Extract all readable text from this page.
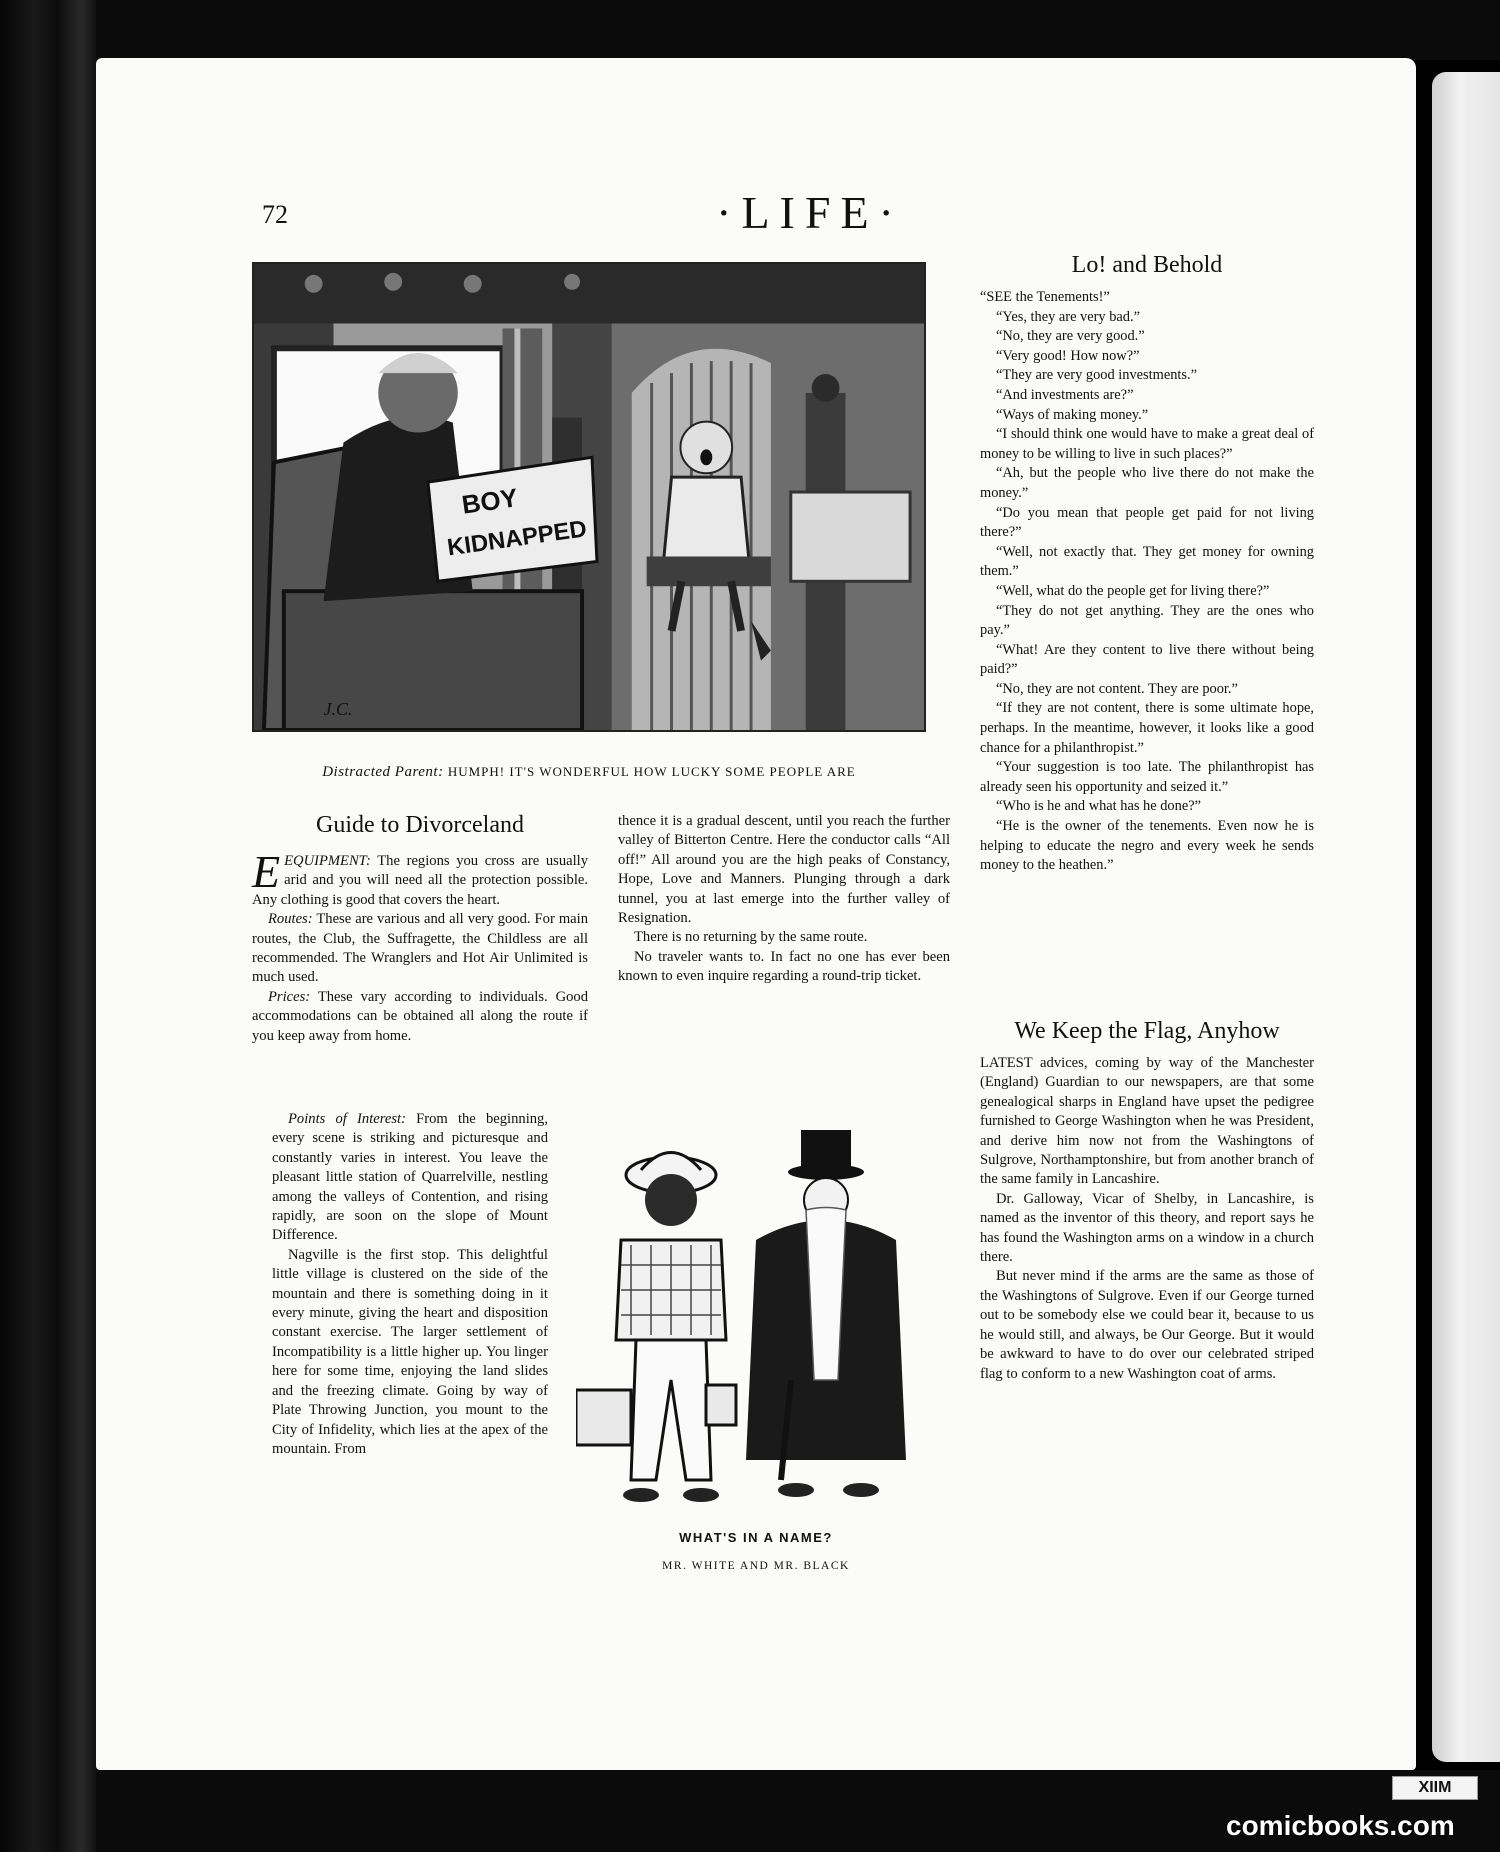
72	·LIFE·
BOY
KIDNAPPED
J.C.
Distracted Parent: HUMPH! IT'S WONDERFUL HOW LUCKY SOME PEOPLE ARE
Guide to Divorceland

EEQUIPMENT: The regions you cross are usually arid and you will need all the protection possible. Any clothing is good that covers the heart.

Routes: These are various and all very good. For main routes, the Club, the Suffragette, the Childless are all recommended. The Wranglers and Hot Air Unlimited is much used.

Prices: These vary according to individuals. Good accommodations can be obtained all along the route if you keep away from home.

Points of Interest: From the beginning, every scene is striking and picturesque and constantly varies in interest. You leave the pleasant little station of Quarrelville, nestling among the valleys of Contention, and rising rapidly, are soon on the slope of Mount Difference.

Nagville is the first stop. This delightful little village is clustered on the side of the mountain and there is something doing in it every minute, giving the heart and disposition constant exercise. The larger settlement of Incompatibility is a little higher up. You linger here for some time, enjoying the land slides and the freezing climate. Going by way of Plate Throwing Junction, you mount to the City of Infidelity, which lies at the apex of the mountain. From

thence it is a gradual descent, until you reach the further valley of Bitterton Centre. Here the conductor calls “All off!” All around you are the high peaks of Constancy, Hope, Love and Manners. Plunging through a dark tunnel, you at last emerge into the further valley of Resignation.

There is no returning by the same route.

No traveler wants to. In fact no one has ever been known to even inquire regarding a round-trip ticket.

WHAT'S IN A NAME?
MR. WHITE AND MR. BLACK
Lo! and Behold

“SEE the Tenements!”

“Yes, they are very bad.”

“No, they are very good.”

“Very good! How now?”

“They are very good investments.”

“And investments are?”

“Ways of making money.”

“I should think one would have to make a great deal of money to be willing to live in such places?”

“Ah, but the people who live there do not make the money.”

“Do you mean that people get paid for not living there?”

“Well, not exactly that. They get money for owning them.”

“Well, what do the people get for living there?”

“They do not get anything. They are the ones who pay.”

“What! Are they content to live there without being paid?”

“No, they are not content. They are poor.”

“If they are not content, there is some ultimate hope, perhaps. In the meantime, however, it looks like a good chance for a philanthropist.”

“Your suggestion is too late. The philanthropist has already seen his opportunity and seized it.”

“Who is he and what has he done?”

“He is the owner of the tenements. Even now he is helping to educate the negro and every week he sends money to the heathen.”

We Keep the Flag, Anyhow

LATEST advices, coming by way of the Manchester (England) Guardian to our newspapers, are that some genealogical sharps in England have upset the pedigree furnished to George Washington when he was President, and derive him now not from the Washingtons of Sulgrove, Northamptonshire, but from another branch of the same family in Lancashire.

Dr. Galloway, Vicar of Shelby, in Lancashire, is named as the inventor of this theory, and report says he has found the Washington arms on a window in a church there.

But never mind if the arms are the same as those of the Washingtons of Sulgrove. Even if our George turned out to be somebody else we could bear it, because to us he would still, and always, be Our George. But it would be awkward to have to do over our celebrated striped flag to conform to a new Washington coat of arms.

XIIM
comicbooks.com
